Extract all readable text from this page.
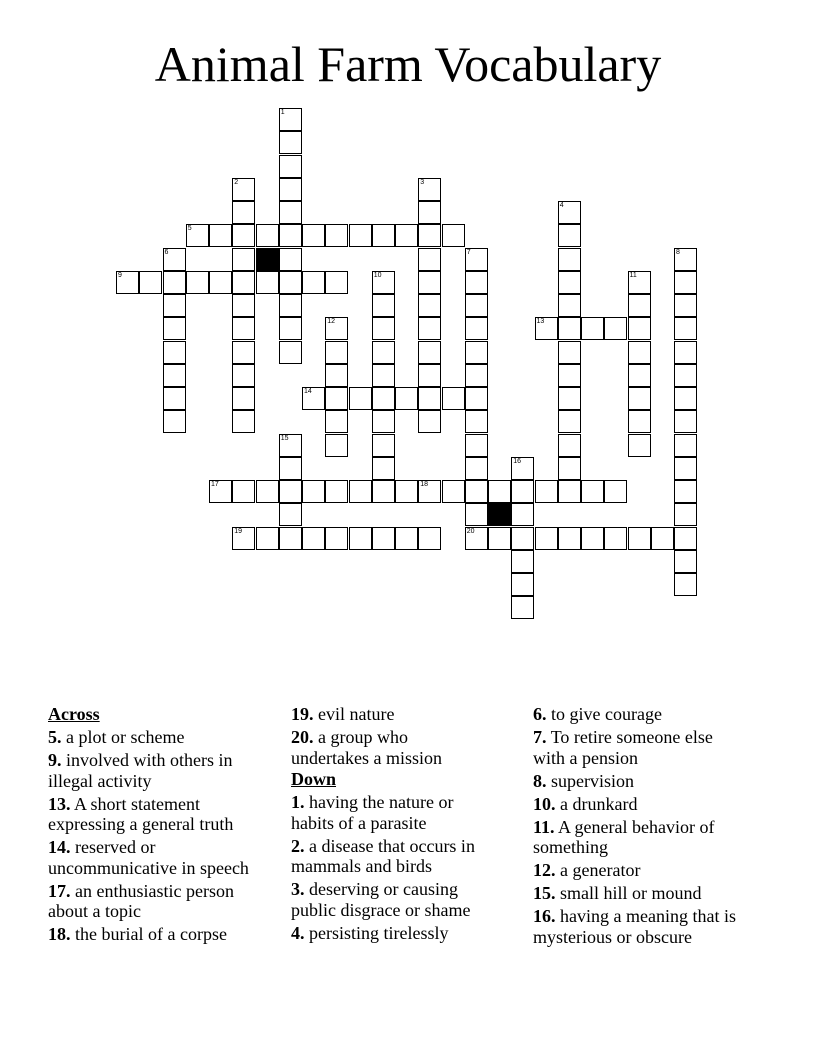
Animal Farm Vocabulary
1
2	3
4
5
6	7	8
9	10	11
12	13
14
15
16
17	18
19	20
Across
5. a plot or scheme
9. involved with others in illegal activity
13. A short statement expressing a general truth
14. reserved or uncommunicative in speech
17. an enthusiastic person about a topic
18. the burial of a corpse
19. evil nature
20. a group who undertakes a mission
Down
1. having the nature or habits of a parasite
2. a disease that occurs in mammals and birds
3. deserving or causing public disgrace or shame
4. persisting tirelessly
6. to give courage
7. To retire someone else with a pension
8. supervision
10. a drunkard
11. A general behavior of something
12. a generator
15. small hill or mound
16. having a meaning that is mysterious or obscure
